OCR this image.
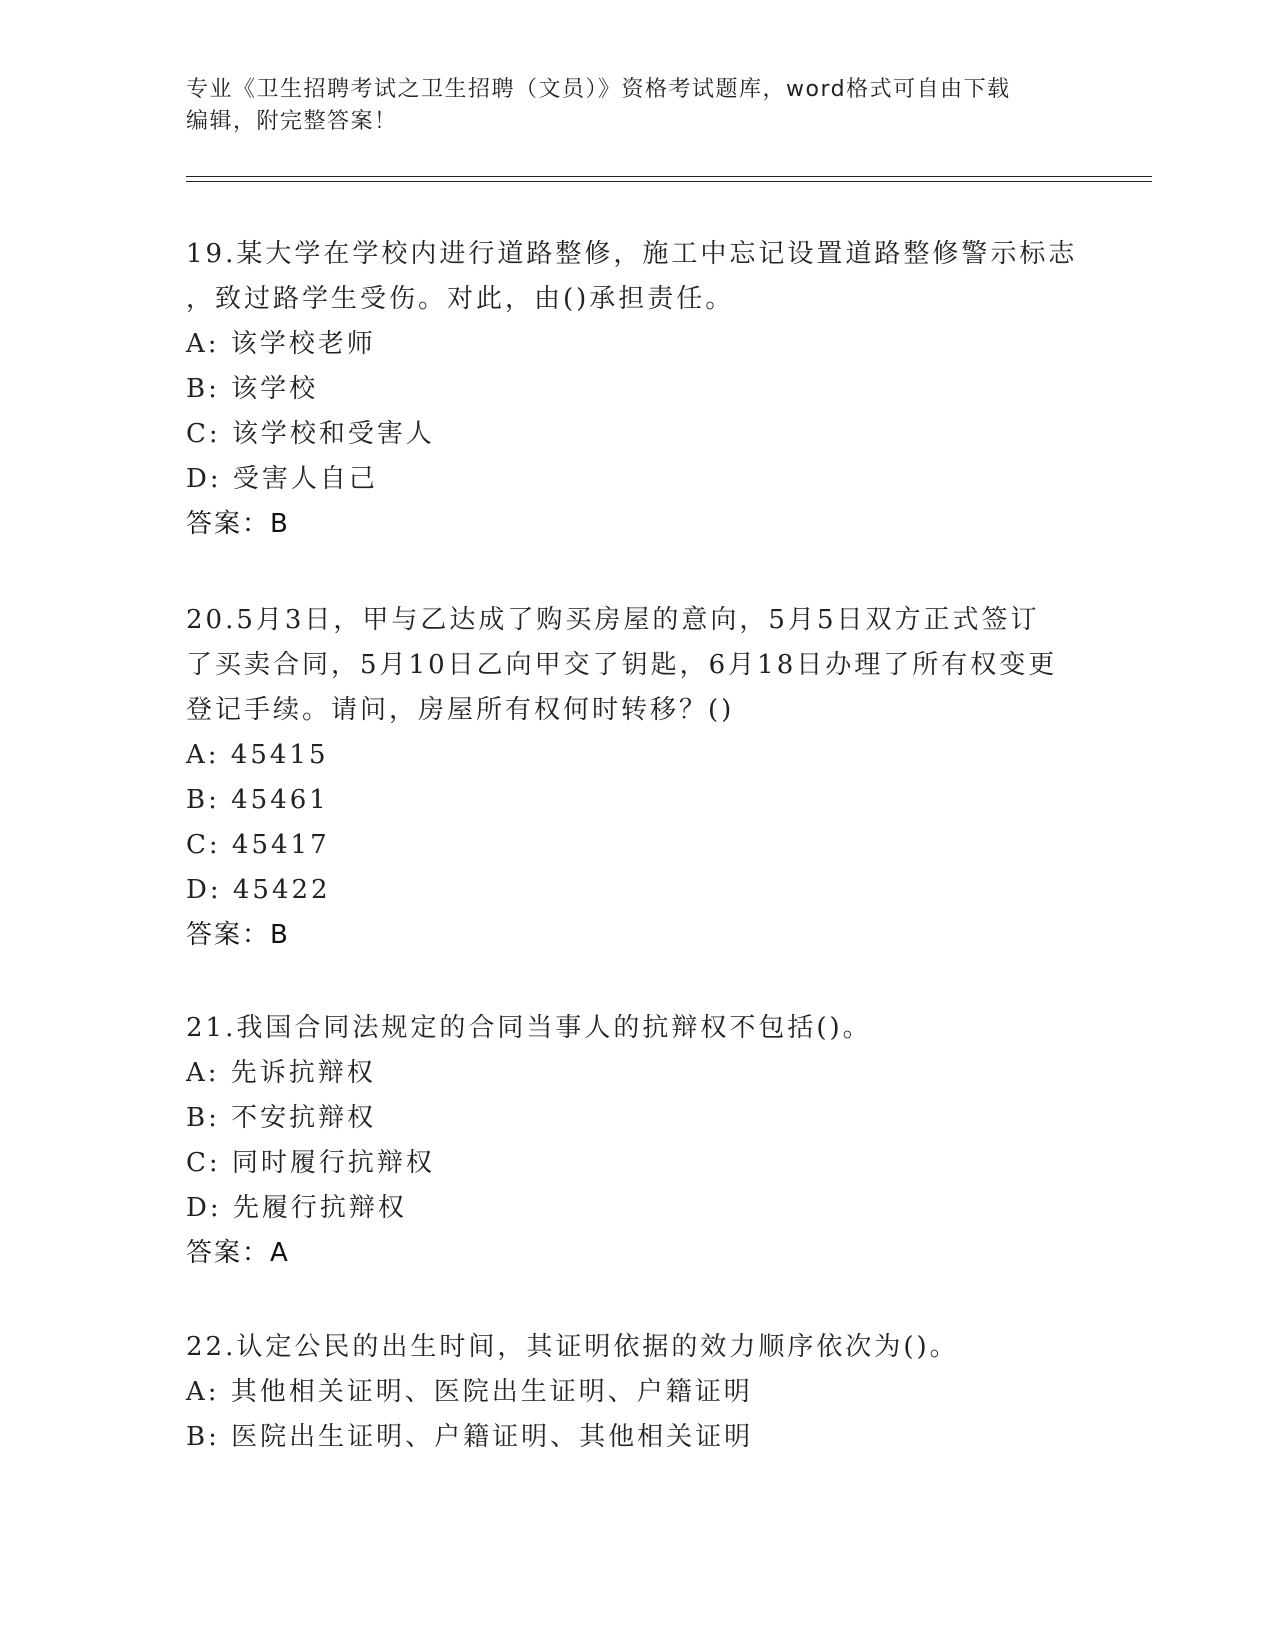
专业《卫生招聘考试之卫生招聘（文员）》资格考试题库，word格式可自由下载
编辑，附完整答案！

19.某大学在学校内进行道路整修，施工中忘记设置道路整修警示标志

，致过路学生受伤。对此，由()承担责任。

A: 该学校老师

B: 该学校

C: 该学校和受害人

D: 受害人自己

答案：B

20.5月3日，甲与乙达成了购买房屋的意向，5月5日双方正式签订

了买卖合同，5月10日乙向甲交了钥匙，6月18日办理了所有权变更

登记手续。请问，房屋所有权何时转移？()

A: 45415

B: 45461

C: 45417

D: 45422

答案：B

21.我国合同法规定的合同当事人的抗辩权不包括()。

A: 先诉抗辩权

B: 不安抗辩权

C: 同时履行抗辩权

D: 先履行抗辩权

答案：A

22.认定公民的出生时间，其证明依据的效力顺序依次为()。

A: 其他相关证明、医院出生证明、户籍证明

B: 医院出生证明、户籍证明、其他相关证明
